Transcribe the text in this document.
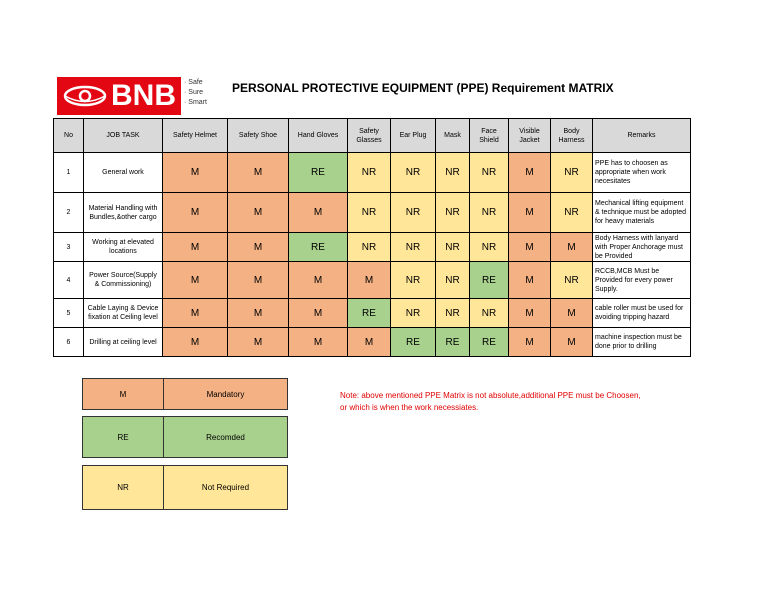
BNB · Safe
· Sure
· Smart
PERSONAL PROTECTIVE EQUIPMENT (PPE) Requirement MATRIX
No	JOB TASK	Safety Helmet	Safety Shoe	Hand Gloves	Safety Glasses	Ear Plug	Mask	Face Shield	Visible Jacket	Body Harness	Remarks
1	General work	M	M	RE	NR	NR	NR	NR	M	NR	PPE has to choosen as appropriate when work necesitates
2	Material Handling with Bundles,&other cargo	M	M	M	NR	NR	NR	NR	M	NR	Mechanical lifting equipment & technique must be adopted for heavy materials
3	Working at elevated locations	M	M	RE	NR	NR	NR	NR	M	M	Body Harness with lanyard with Proper Anchorage must be Provided
4	Power Source(Supply & Commissioning)	M	M	M	M	NR	NR	RE	M	NR	RCCB,MCB Must be Provided for every power Supply.
5	Cable Laying & Device fixation at Ceiling level	M	M	M	RE	NR	NR	NR	M	M	cable roller must be used for avoiding tripping hazard
6	Drilling at ceiling level	M	M	M	M	RE	RE	RE	M	M	machine inspection must be done prior to drilling
M	Mandatory
RE	Recomded
NR	Not Required
Note: above mentioned PPE Matrix is not absolute,additional PPE must be Choosen,
or which is when the work necessiates.
